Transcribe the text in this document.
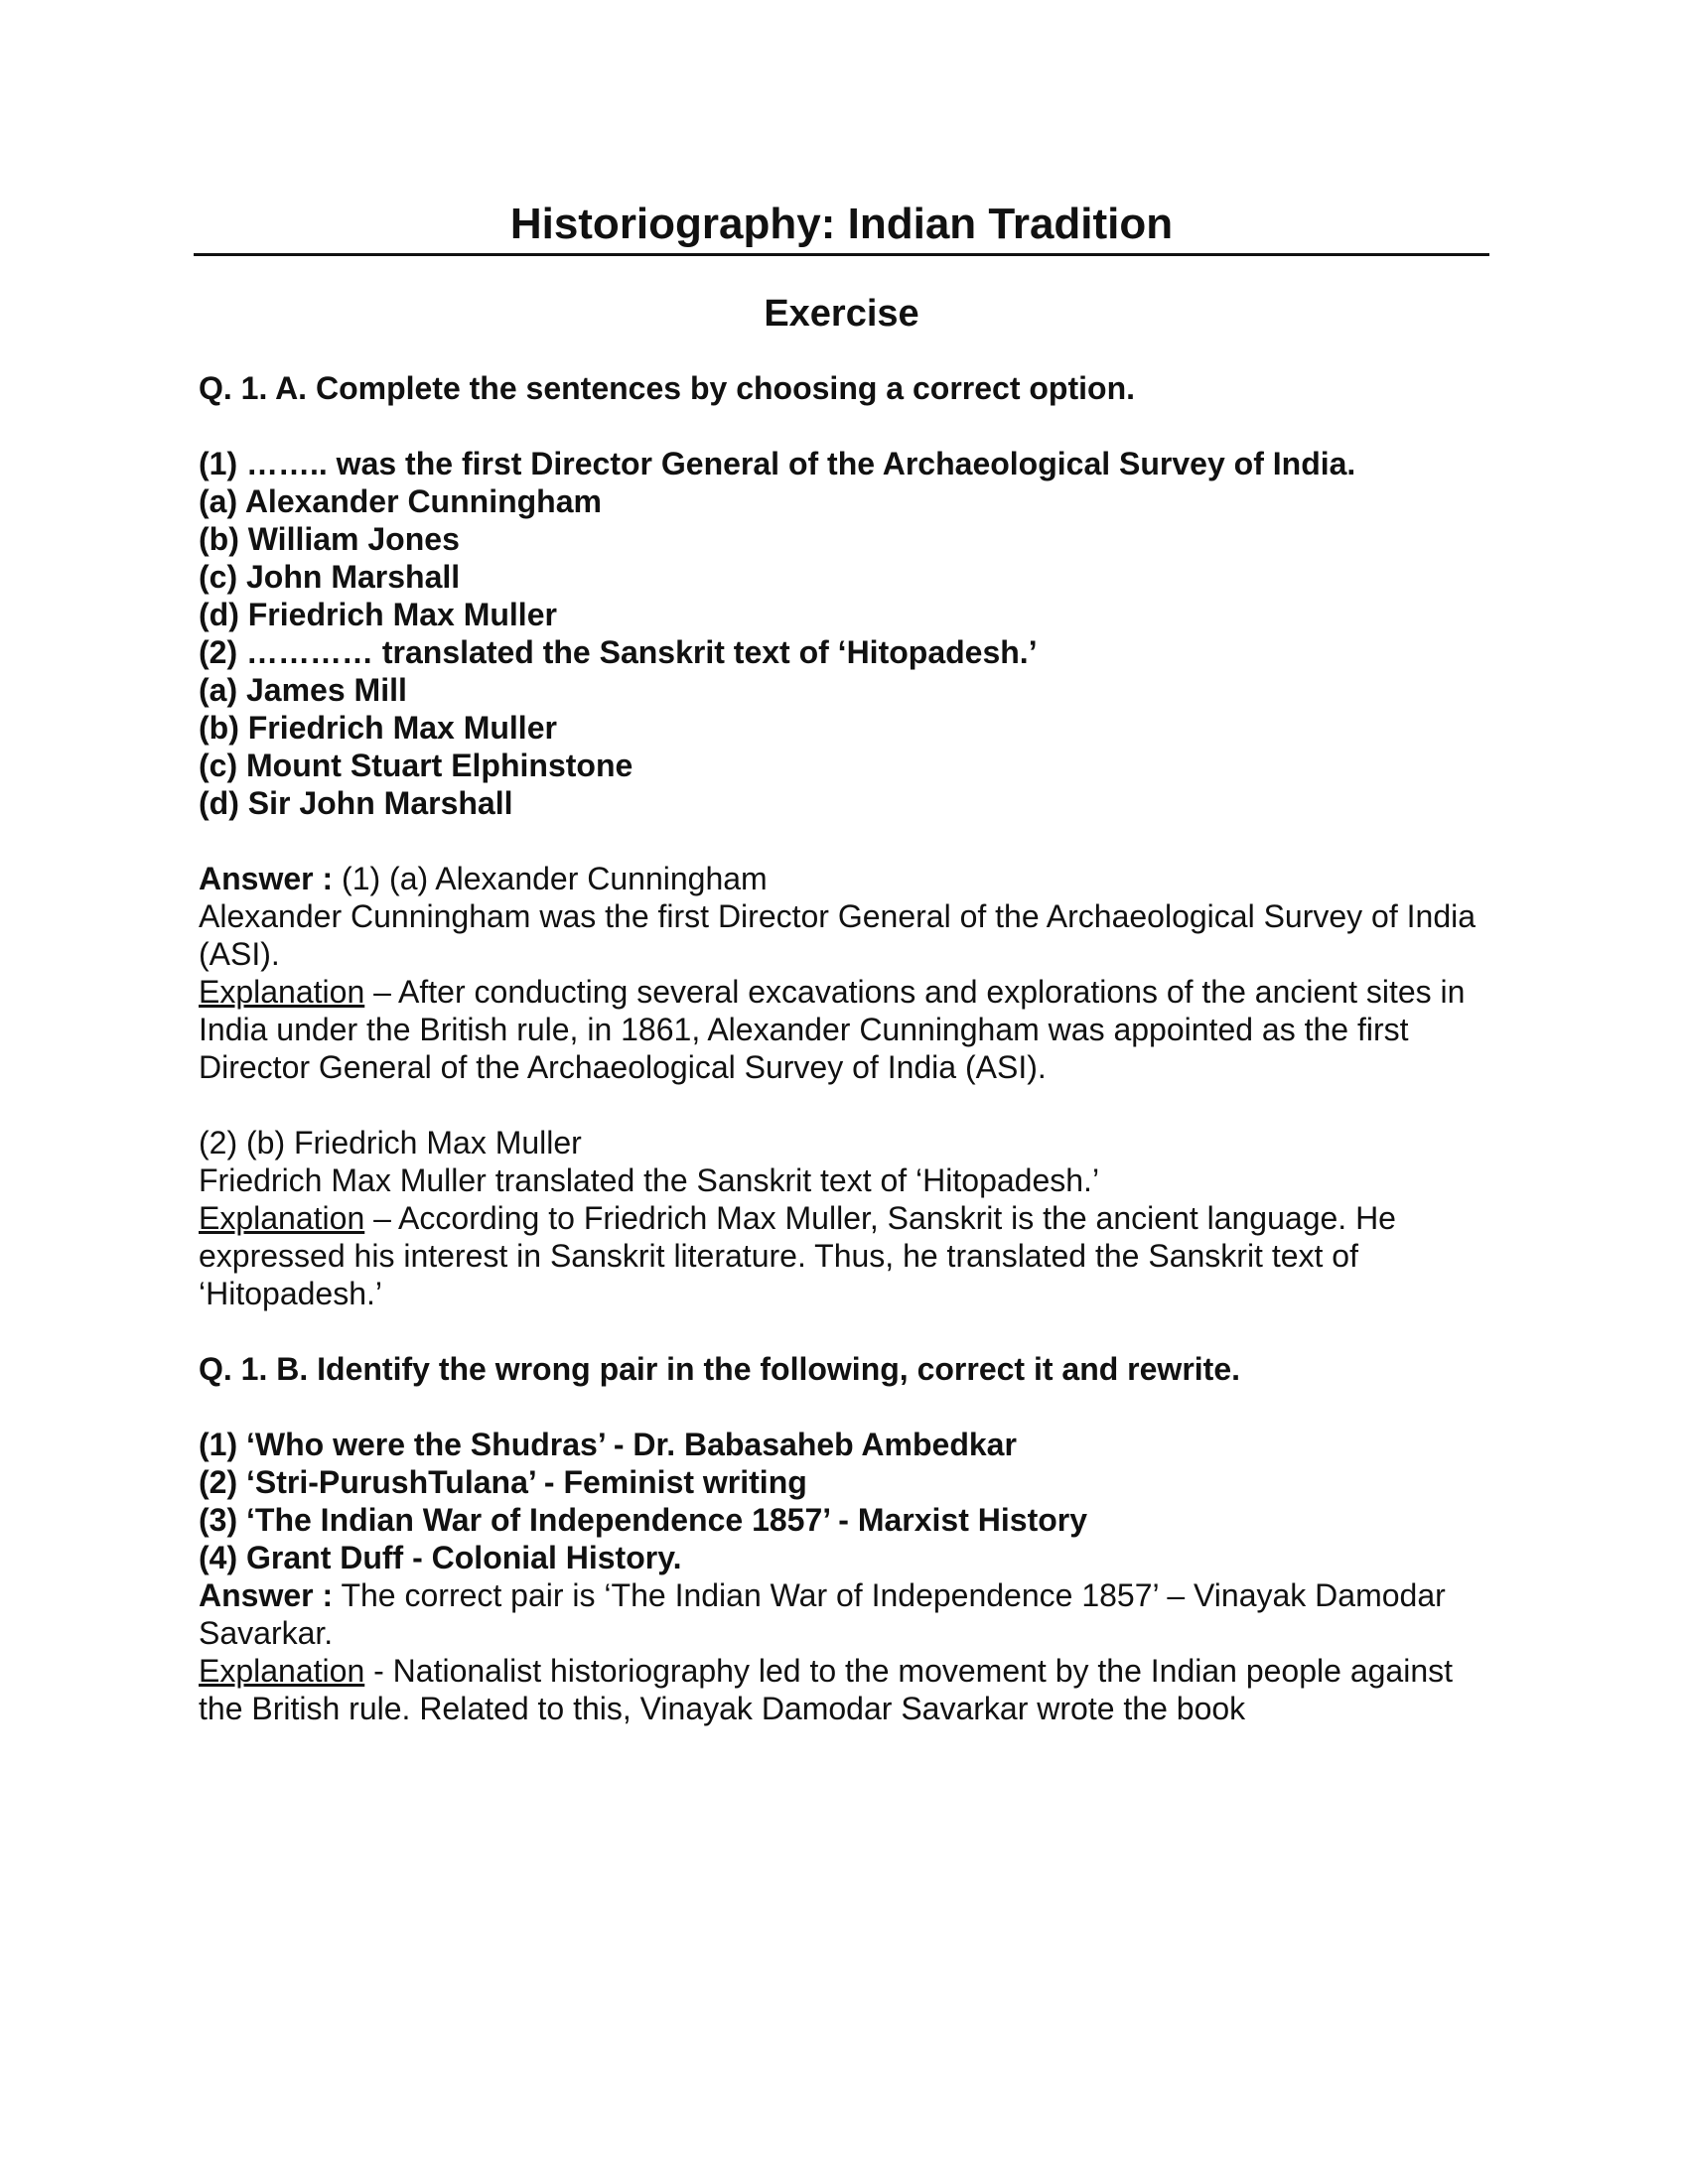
Historiography: Indian Tradition
Exercise

Q. 1. A. Complete the sentences by choosing a correct option.

(1) …….. was the first Director General of the Archaeological Survey of India.

(a) Alexander Cunningham

(b) William Jones

(c) John Marshall

(d) Friedrich Max Muller

(2) ………… translated the Sanskrit text of ‘Hitopadesh.’

(a) James Mill

(b) Friedrich Max Muller

(c) Mount Stuart Elphinstone

(d) Sir John Marshall

Answer : (1) (a) Alexander Cunningham

Alexander Cunningham was the first Director General of the Archaeological Survey of India (ASI).

Explanation – After conducting several excavations and explorations of the ancient sites in India under the British rule, in 1861, Alexander Cunningham was appointed as the first Director General of the Archaeological Survey of India (ASI).

(2) (b) Friedrich Max Muller

Friedrich Max Muller translated the Sanskrit text of ‘Hitopadesh.’

Explanation – According to Friedrich Max Muller, Sanskrit is the ancient language. He expressed his interest in Sanskrit literature. Thus, he translated the Sanskrit text of ‘Hitopadesh.’

Q. 1. B. Identify the wrong pair in the following, correct it and rewrite.

(1) ‘Who were the Shudras’ - Dr. Babasaheb Ambedkar

(2) ‘Stri-PurushTulana’ - Feminist writing

(3) ‘The Indian War of Independence 1857’ - Marxist History

(4) Grant Duff - Colonial History.

Answer : The correct pair is ‘The Indian War of Independence 1857’ – Vinayak Damodar Savarkar.

Explanation - Nationalist historiography led to the movement by the Indian people against the British rule. Related to this, Vinayak Damodar Savarkar wrote the book
